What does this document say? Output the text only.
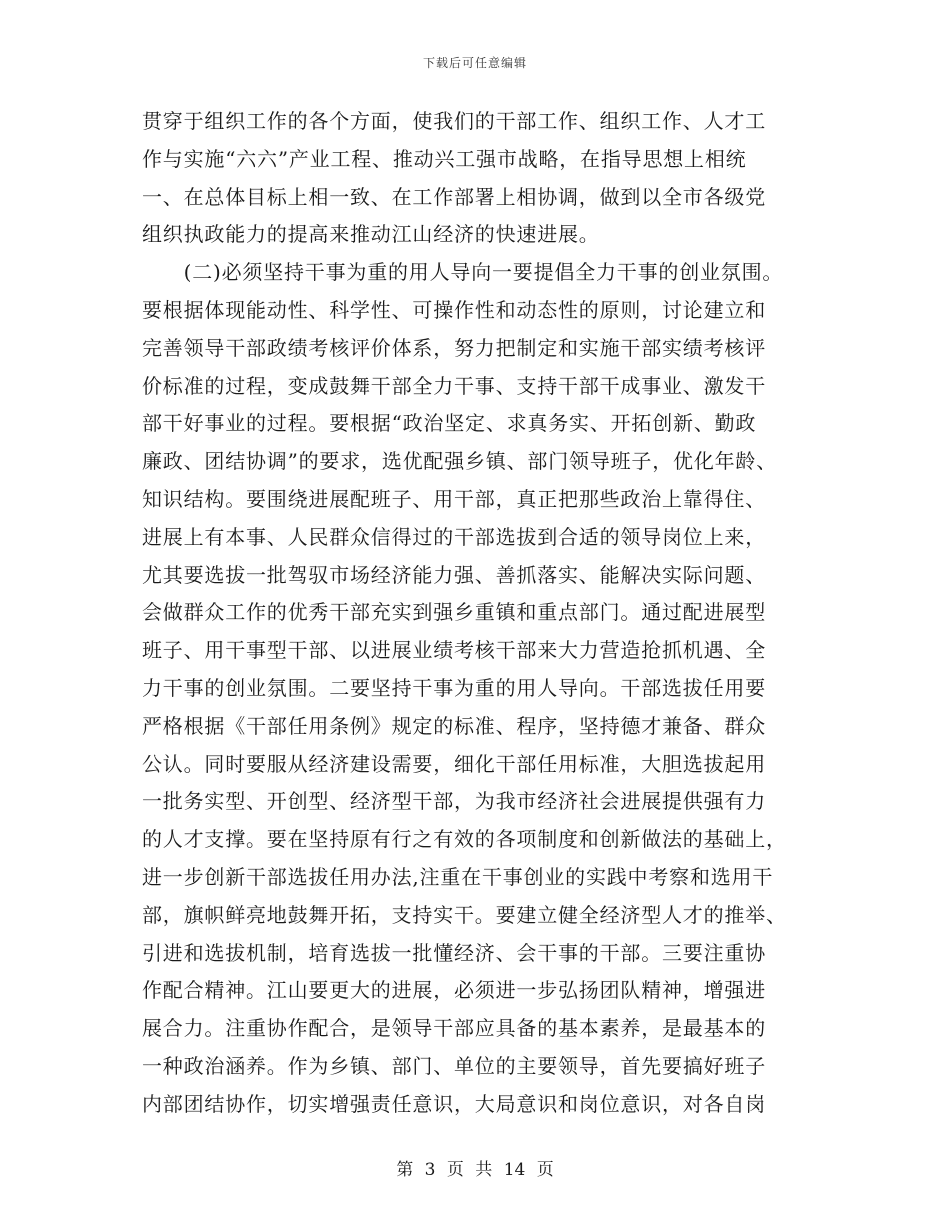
下载后可任意编辑
贯穿于组织工作的各个方面，使我们的干部工作、组织工作、人才工
作与实施“六六”产业工程、推动兴工强市战略，在指导思想上相统
一、在总体目标上相一致、在工作部署上相协调，做到以全市各级党
组织执政能力的提高来推动江山经济的快速进展。
　　(二)必须坚持干事为重的用人导向一要提倡全力干事的创业氛围。
要根据体现能动性、科学性、可操作性和动态性的原则，讨论建立和
完善领导干部政绩考核评价体系，努力把制定和实施干部实绩考核评
价标准的过程，变成鼓舞干部全力干事、支持干部干成事业、激发干
部干好事业的过程。要根据“政治坚定、求真务实、开拓创新、勤政
廉政、团结协调”的要求，选优配强乡镇、部门领导班子，优化年龄、
知识结构。要围绕进展配班子、用干部，真正把那些政治上靠得住、
进展上有本事、人民群众信得过的干部选拔到合适的领导岗位上来，
尤其要选拔一批驾驭市场经济能力强、善抓落实、能解决实际问题、
会做群众工作的优秀干部充实到强乡重镇和重点部门。通过配进展型
班子、用干事型干部、以进展业绩考核干部来大力营造抢抓机遇、全
力干事的创业氛围。二要坚持干事为重的用人导向。干部选拔任用要
严格根据《干部任用条例》规定的标准、程序，坚持德才兼备、群众
公认。同时要服从经济建设需要，细化干部任用标准，大胆选拔起用
一批务实型、开创型、经济型干部，为我市经济社会进展提供强有力
的人才支撑。要在坚持原有行之有效的各项制度和创新做法的基础上，
进一步创新干部选拔任用办法,注重在干事创业的实践中考察和选用干
部，旗帜鲜亮地鼓舞开拓，支持实干。要建立健全经济型人才的推举、
引进和选拔机制，培育选拔一批懂经济、会干事的干部。三要注重协
作配合精神。江山要更大的进展，必须进一步弘扬团队精神，增强进
展合力。注重协作配合，是领导干部应具备的基本素养，是最基本的
一种政治涵养。作为乡镇、部门、单位的主要领导，首先要搞好班子
内部团结协作，切实增强责任意识，大局意识和岗位意识，对各自岗
第 3 页 共 14 页
